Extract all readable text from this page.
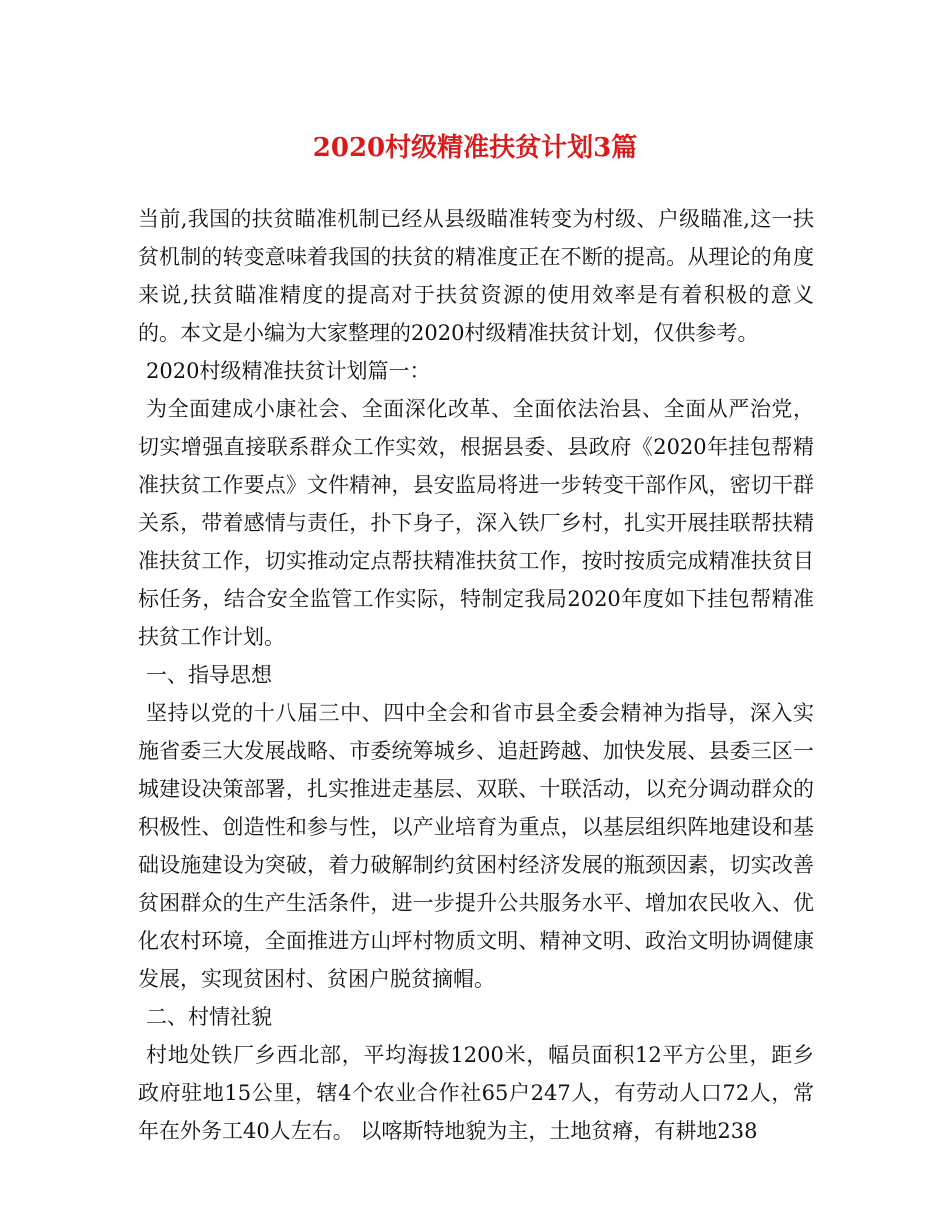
2020村级精准扶贫计划3篇

当前,我国的扶贫瞄准机制已经从县级瞄准转变为村级、户级瞄准,这一扶贫机制的转变意味着我国的扶贫的精准度正在不断的提高。从理论的角度来说,扶贫瞄准精度的提高对于扶贫资源的使用效率是有着积极的意义的。本文是小编为大家整理的2020村级精准扶贫计划，仅供参考。

2020村级精准扶贫计划篇一：

为全面建成小康社会、全面深化改革、全面依法治县、全面从严治党，切实增强直接联系群众工作实效，根据县委、县政府《2020年挂包帮精准扶贫工作要点》文件精神，县安监局将进一步转变干部作风，密切干群关系，带着感情与责任，扑下身子，深入铁厂乡村，扎实开展挂联帮扶精准扶贫工作，切实推动定点帮扶精准扶贫工作，按时按质完成精准扶贫目标任务，结合安全监管工作实际，特制定我局2020年度如下挂包帮精准扶贫工作计划。

一、指导思想

坚持以党的十八届三中、四中全会和省市县全委会精神为指导，深入实施省委三大发展战略、市委统筹城乡、追赶跨越、加快发展、县委三区一城建设决策部署，扎实推进走基层、双联、十联活动，以充分调动群众的积极性、创造性和参与性，以产业培育为重点，以基层组织阵地建设和基础设施建设为突破，着力破解制约贫困村经济发展的瓶颈因素，切实改善贫困群众的生产生活条件，进一步提升公共服务水平、增加农民收入、优化农村环境，全面推进方山坪村物质文明、精神文明、政治文明协调健康发展，实现贫困村、贫困户脱贫摘帽。

二、村情社貌

村地处铁厂乡西北部，平均海拔1200米，幅员面积12平方公里，距乡政府驻地15公里，辖4个农业合作社65户247人，有劳动人口72人，常年在外务工40人左右。 以喀斯特地貌为主，土地贫瘠，有耕地238
